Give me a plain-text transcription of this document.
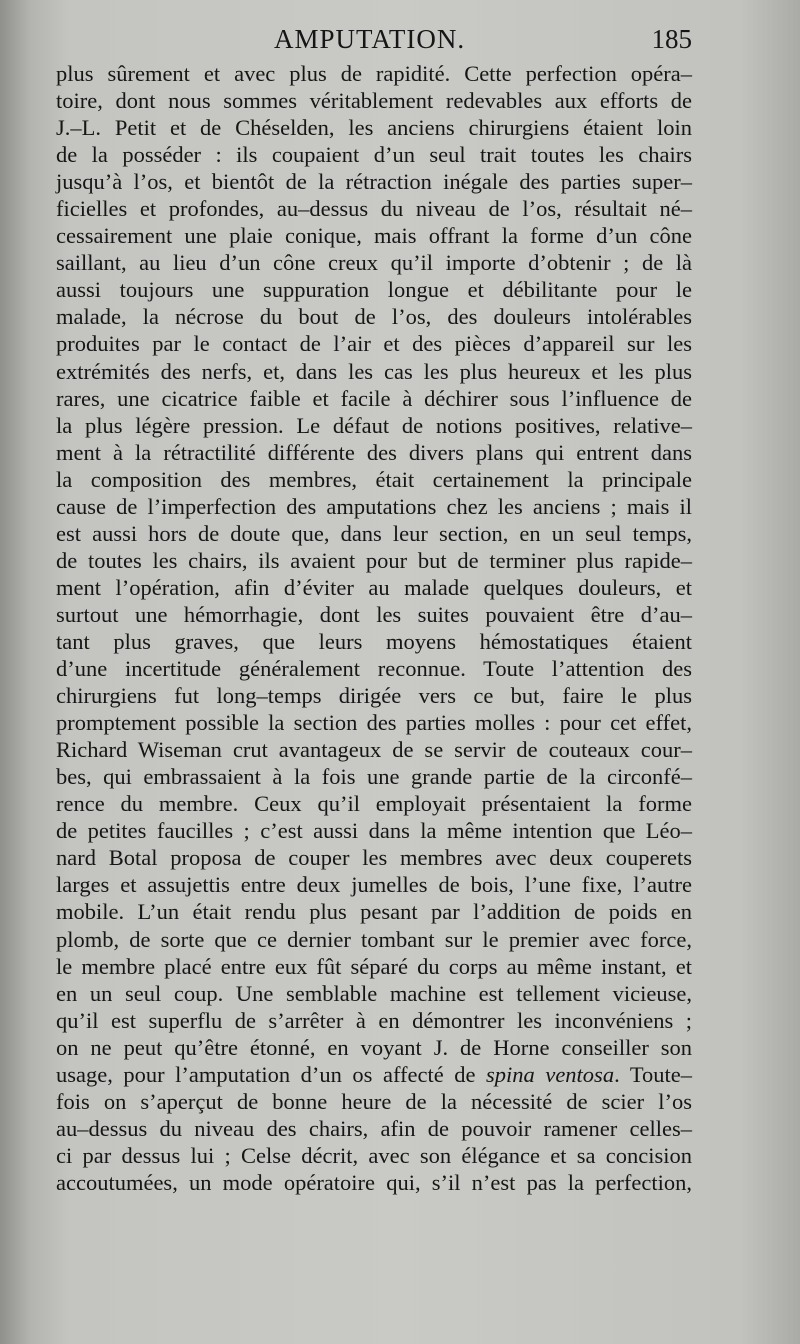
AMPUTATION.	185
plus sûrement et avec plus de rapidité. Cette perfection opéra–
toire, dont nous sommes véritablement redevables aux efforts de
J.–L. Petit et de Chéselden, les anciens chirurgiens étaient loin
de la posséder : ils coupaient d’un seul trait toutes les chairs
jusqu’à l’os, et bientôt de la rétraction inégale des parties super–
ficielles et profondes, au–dessus du niveau de l’os, résultait né–
cessairement une plaie conique, mais offrant la forme d’un cône
saillant, au lieu d’un cône creux qu’il importe d’obtenir ; de là
aussi toujours une suppuration longue et débilitante pour le
malade, la nécrose du bout de l’os, des douleurs intolérables
produites par le contact de l’air et des pièces d’appareil sur les
extrémités des nerfs, et, dans les cas les plus heureux et les plus
rares, une cicatrice faible et facile à déchirer sous l’influence de
la plus légère pression. Le défaut de notions positives, relative–
ment à la rétractilité différente des divers plans qui entrent dans
la composition des membres, était certainement la principale
cause de l’imperfection des amputations chez les anciens ; mais il
est aussi hors de doute que, dans leur section, en un seul temps,
de toutes les chairs, ils avaient pour but de terminer plus rapide–
ment l’opération, afin d’éviter au malade quelques douleurs, et
surtout une hémorrhagie, dont les suites pouvaient être d’au–
tant plus graves, que leurs moyens hémostatiques étaient
d’une incertitude généralement reconnue. Toute l’attention des
chirurgiens fut long–temps dirigée vers ce but, faire le plus
promptement possible la section des parties molles : pour cet effet,
Richard Wiseman crut avantageux de se servir de couteaux cour–
bes, qui embrassaient à la fois une grande partie de la circonfé–
rence du membre. Ceux qu’il employait présentaient la forme
de petites faucilles ; c’est aussi dans la même intention que Léo–
nard Botal proposa de couper les membres avec deux couperets
larges et assujettis entre deux jumelles de bois, l’une fixe, l’autre
mobile. L’un était rendu plus pesant par l’addition de poids en
plomb, de sorte que ce dernier tombant sur le premier avec force,
le membre placé entre eux fût séparé du corps au même instant, et
en un seul coup. Une semblable machine est tellement vicieuse,
qu’il est superflu de s’arrêter à en démontrer les inconvéniens ;
on ne peut qu’être étonné, en voyant J. de Horne conseiller son
usage, pour l’amputation d’un os affecté de spina ventosa. Toute–
fois on s’aperçut de bonne heure de la nécessité de scier l’os
au–dessus du niveau des chairs, afin de pouvoir ramener celles–
ci par dessus lui ; Celse décrit, avec son élégance et sa concision
accoutumées, un mode opératoire qui, s’il n’est pas la perfection,
